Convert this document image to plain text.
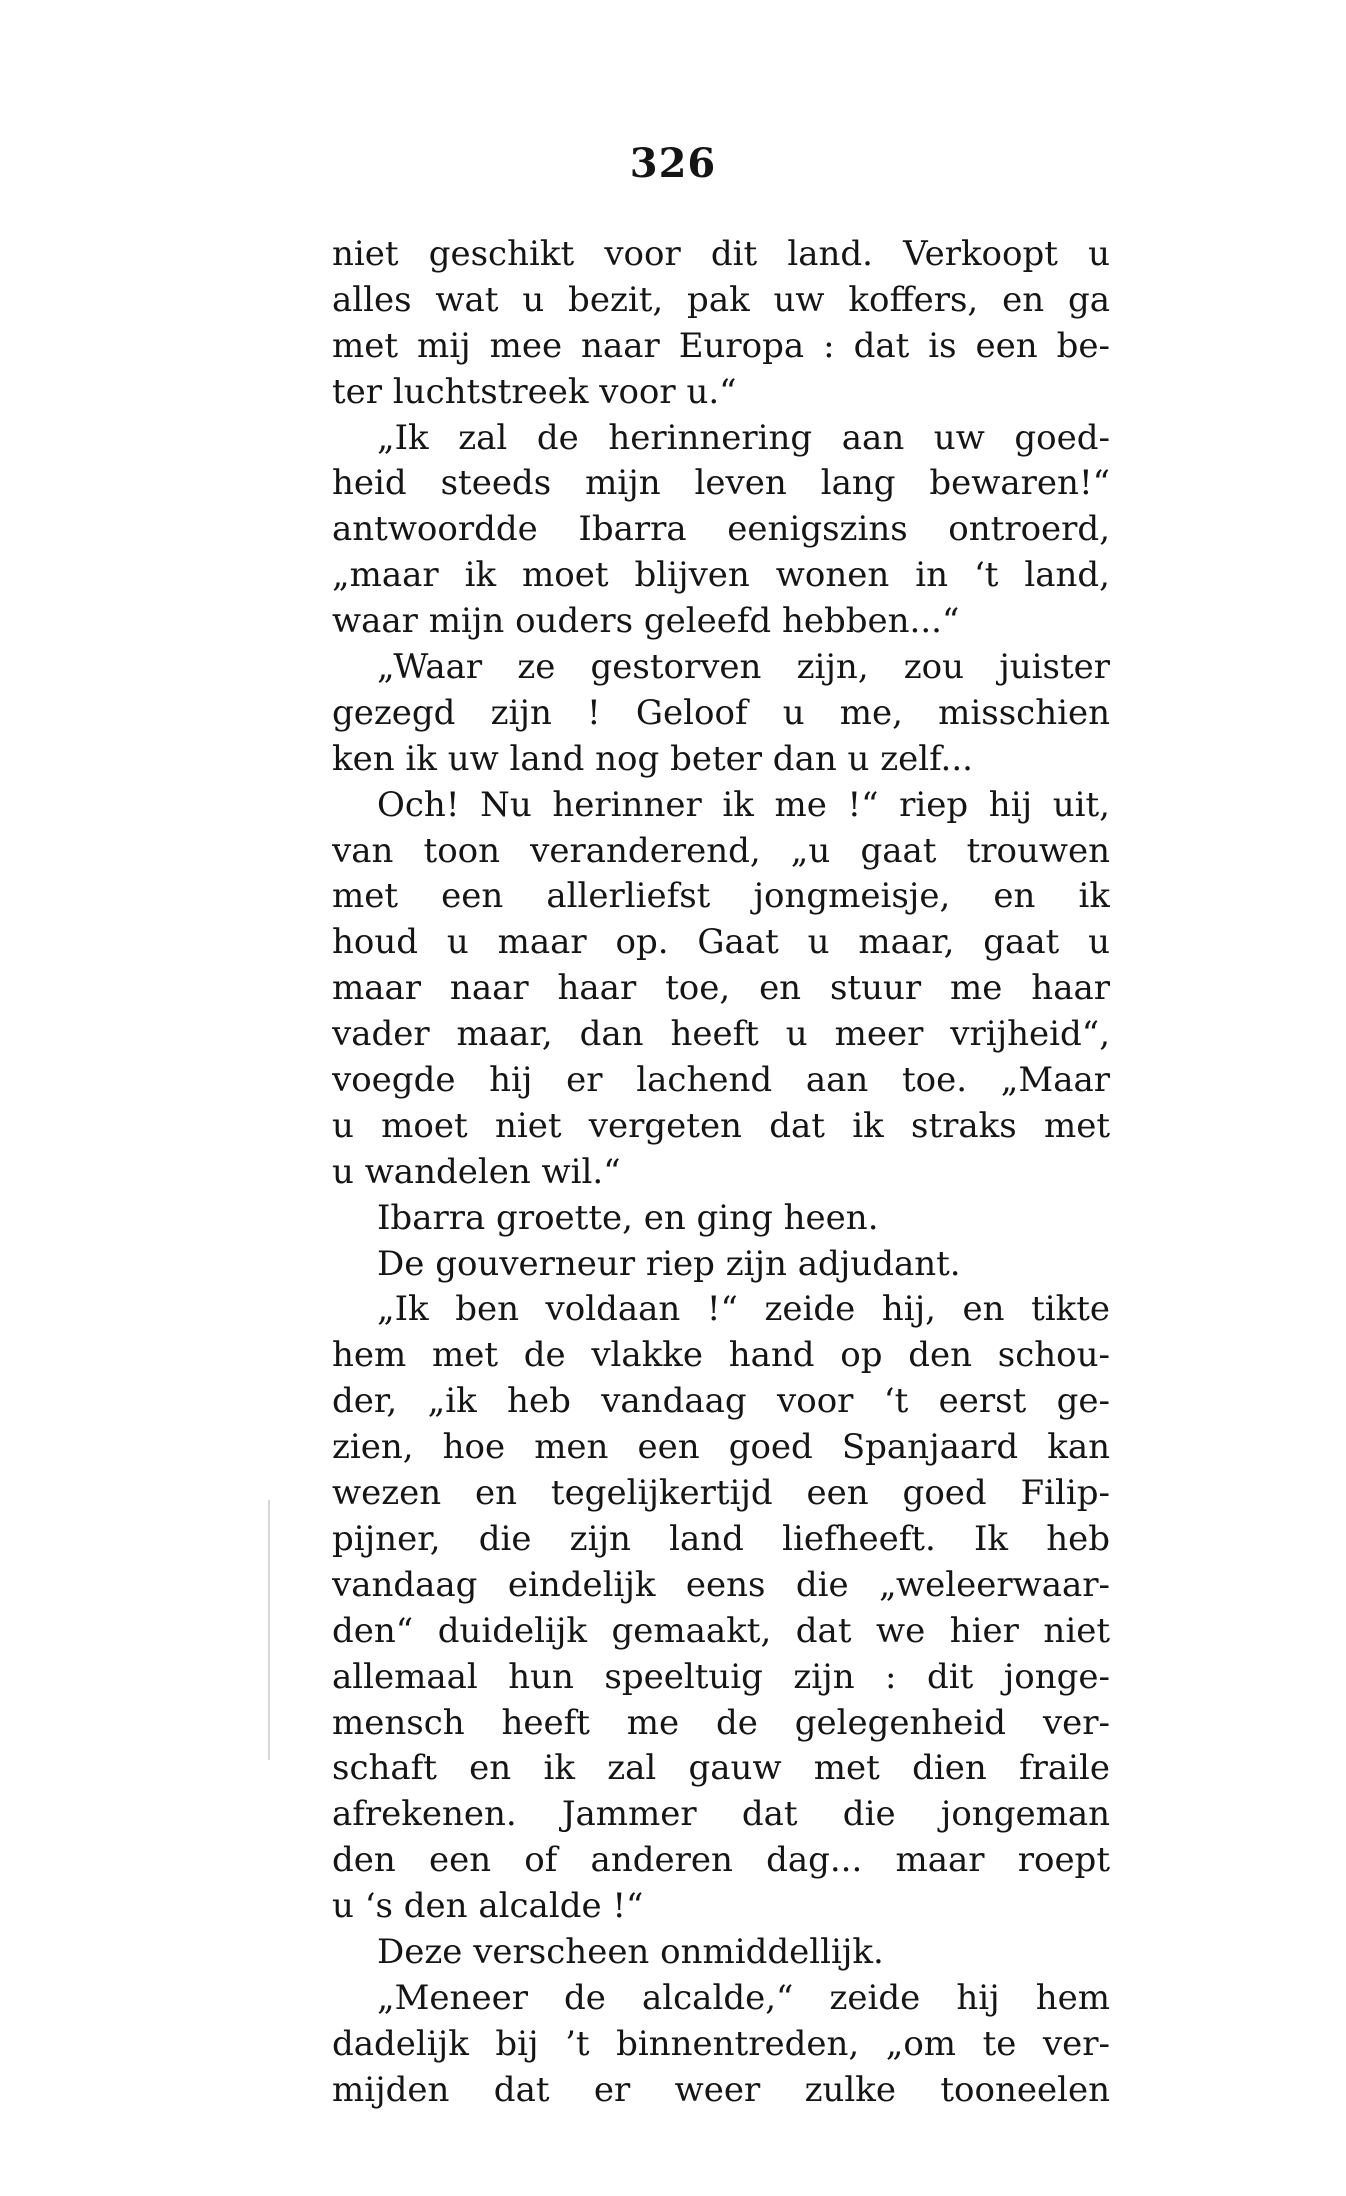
326
niet geschikt voor dit land. Verkoopt u
alles wat u bezit, pak uw koffers, en ga
met mij mee naar Europa : dat is een be-
ter luchtstreek voor u.“
„Ik zal de herinnering aan uw goed-
heid steeds mijn leven lang bewaren!“
antwoordde Ibarra eenigszins ontroerd,
„maar ik moet blijven wonen in ‘t land,
waar mijn ouders geleefd hebben...“
„Waar ze gestorven zijn, zou juister
gezegd zijn ! Geloof u me, misschien
ken ik uw land nog beter dan u zelf...
Och! Nu herinner ik me !“ riep hij uit,
van toon veranderend, „u gaat trouwen
met een allerliefst jongmeisje, en ik
houd u maar op. Gaat u maar, gaat u
maar naar haar toe, en stuur me haar
vader maar, dan heeft u meer vrijheid“,
voegde hij er lachend aan toe. „Maar
u moet niet vergeten dat ik straks met
u wandelen wil.“
Ibarra groette, en ging heen.
De gouverneur riep zijn adjudant.
„Ik ben voldaan !“ zeide hij, en tikte
hem met de vlakke hand op den schou-
der, „ik heb vandaag voor ‘t eerst ge-
zien, hoe men een goed Spanjaard kan
wezen en tegelijkertijd een goed Filip-
pijner, die zijn land liefheeft. Ik heb
vandaag eindelijk eens die „weleerwaar-
den“ duidelijk gemaakt, dat we hier niet
allemaal hun speeltuig zijn : dit jonge-
mensch heeft me de gelegenheid ver-
schaft en ik zal gauw met dien fraile
afrekenen. Jammer dat die jongeman
den een of anderen dag... maar roept
u ‘s den alcalde !“
Deze verscheen onmiddellijk.
„Meneer de alcalde,“ zeide hij hem
dadelijk bij ’t binnentreden, „om te ver-
mijden dat er weer zulke tooneelen
